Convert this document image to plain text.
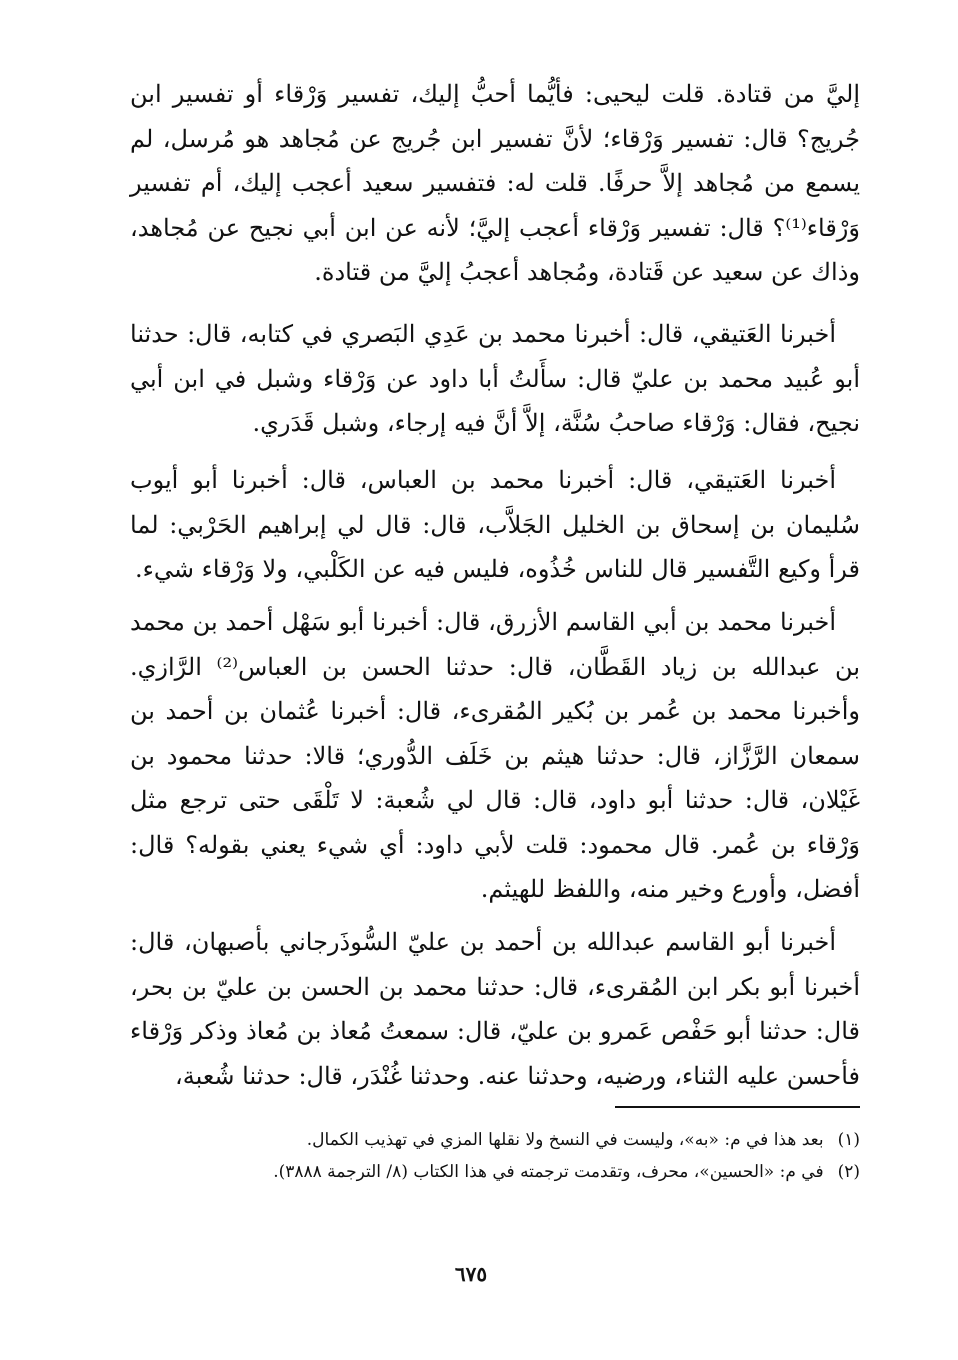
إليَّ من قتادة. قلت ليحيى: فأيُّما أحبُّ إليك، تفسير وَرْقاء أو تفسير ابن جُريج؟ قال: تفسير وَرْقاء؛ لأنَّ تفسير ابن جُريج عن مُجاهد هو مُرسل، لم يسمع من مُجاهد إلاَّ حرفًا. قلت له: فتفسير سعيد أعجب إليك، أم تفسير وَرْقاء⁽¹⁾؟ قال: تفسير وَرْقاء أعجب إليَّ؛ لأنه عن ابن أبي نجيح عن مُجاهد، وذاك عن سعيد عن قَتادة، ومُجاهد أعجبُ إليَّ من قتادة.

أخبرنا العَتيقي، قال: أخبرنا محمد بن عَدِي البَصري في كتابه، قال: حدثنا أبو عُبيد محمد بن عليّ قال: سأَلتُ أبا داود عن وَرْقاء وشبل في ابن أبي نجيح، فقال: وَرْقاء صاحبُ سُنَّة، إلاَّ أنَّ فيه إرجاء، وشبل قَدَري.

أخبرنا العَتيقي، قال: أخبرنا محمد بن العباس، قال: أخبرنا أبو أيوب سُليمان بن إسحاق بن الخليل الجَلاَّب، قال: قال لي إبراهيم الحَرْبي: لما قرأ وكيع التَّفسير قال للناس خُذُوه، فليس فيه عن الكَلْبي، ولا وَرْقاء شيء.

أخبرنا محمد بن أبي القاسم الأزرق، قال: أخبرنا أبو سَهْل أحمد بن محمد بن عبدالله بن زياد القَطَّان، قال: حدثنا الحسن بن العباس⁽²⁾ الرَّازي. وأخبرنا محمد بن عُمر بن بُكير المُقرىء، قال: أخبرنا عُثمان بن أحمد بن سمعان الرَّزَّاز، قال: حدثنا هيثم بن خَلَف الدُّوري؛ قالا: حدثنا محمود بن غَيْلان، قال: حدثنا أبو داود، قال: قال لي شُعبة: لا تَلْقَى حتى ترجع مثل وَرْقاء بن عُمر. قال محمود: قلت لأبي داود: أي شيء يعني بقوله؟ قال: أفضل، وأورع وخير منه، واللفظ للهيثم.

أخبرنا أبو القاسم عبدالله بن أحمد بن عليّ السُّوذَرجاني بأصبهان، قال: أخبرنا أبو بكر ابن المُقرىء، قال: حدثنا محمد بن الحسن بن عليّ بن بحر، قال: حدثنا أبو حَفْص عَمرو بن عليّ، قال: سمعتُ مُعاذ بن مُعاذ وذكر وَرْقاء فأحسن عليه الثناء، ورضيه، وحدثنا عنه. وحدثنا غُنْدَر، قال: حدثنا شُعبة،

(١)بعد هذا في م: «به»، وليست في النسخ ولا نقلها المزي في تهذيب الكمال.
(٢)في م: «الحسين»، محرف، وتقدمت ترجمته في هذا الكتاب (٨/ الترجمة ٣٨٨٨).
٦٧٥
